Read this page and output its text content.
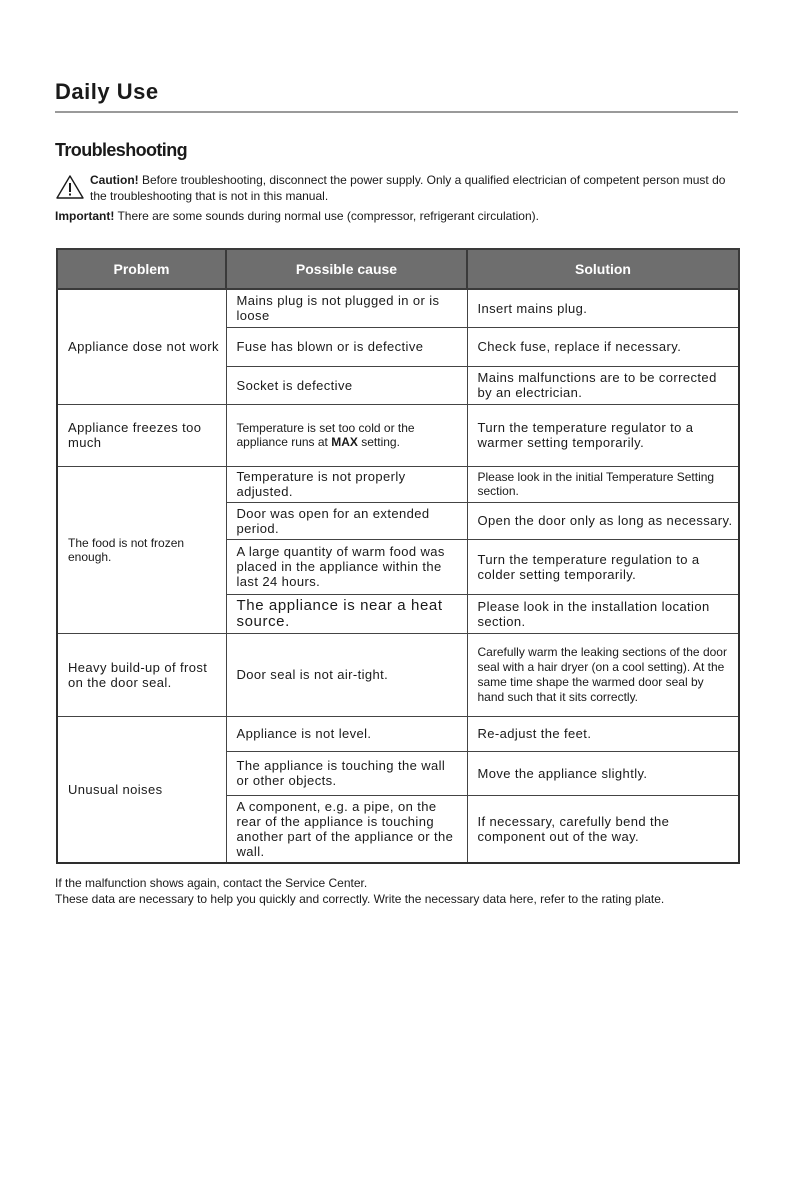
Daily Use
Troubleshooting
Caution! Before troubleshooting, disconnect the power supply. Only a qualified electrician of competent person must do the troubleshooting that is not in this manual.
Important! There are some sounds during normal use (compressor, refrigerant circulation).
Problem	Possible cause	Solution
Appliance dose not work	Mains plug is not plugged in or is loose	Insert mains plug.
	Fuse has blown or is defective	Check fuse, replace if necessary.
	Socket is defective	Mains malfunctions are to be corrected by an electrician.
Appliance freezes too much	Temperature is set too cold or the appliance runs at MAX setting.	Turn the temperature regulator to a warmer setting temporarily.
The food is not frozen enough.	Temperature is not properly adjusted.	Please look in the initial Temperature Setting section.
	Door was open for an extended period.	Open the door only as long as necessary.
	A large quantity of warm food was placed in the appliance within the last 24 hours.	Turn the temperature regulation to a colder setting temporarily.
	The appliance is near a heat source.	Please look in the installation location section.
Heavy build-up of frost on the door seal.	Door seal is not air-tight.	Carefully warm the leaking sections of the door seal with a hair dryer (on a cool setting). At the same time shape the warmed door seal by hand such that it sits correctly.
Unusual noises	Appliance is not level.	Re-adjust the feet.
	The appliance is touching the wall or other objects.	Move the appliance slightly.
	A component, e.g. a pipe, on the rear of the appliance is touching another part of the appliance or the wall.	If necessary, carefully bend the component out of the way.
If the malfunction shows again, contact the Service Center.
These data are necessary to help you quickly and correctly. Write the necessary data here, refer to the rating plate.
